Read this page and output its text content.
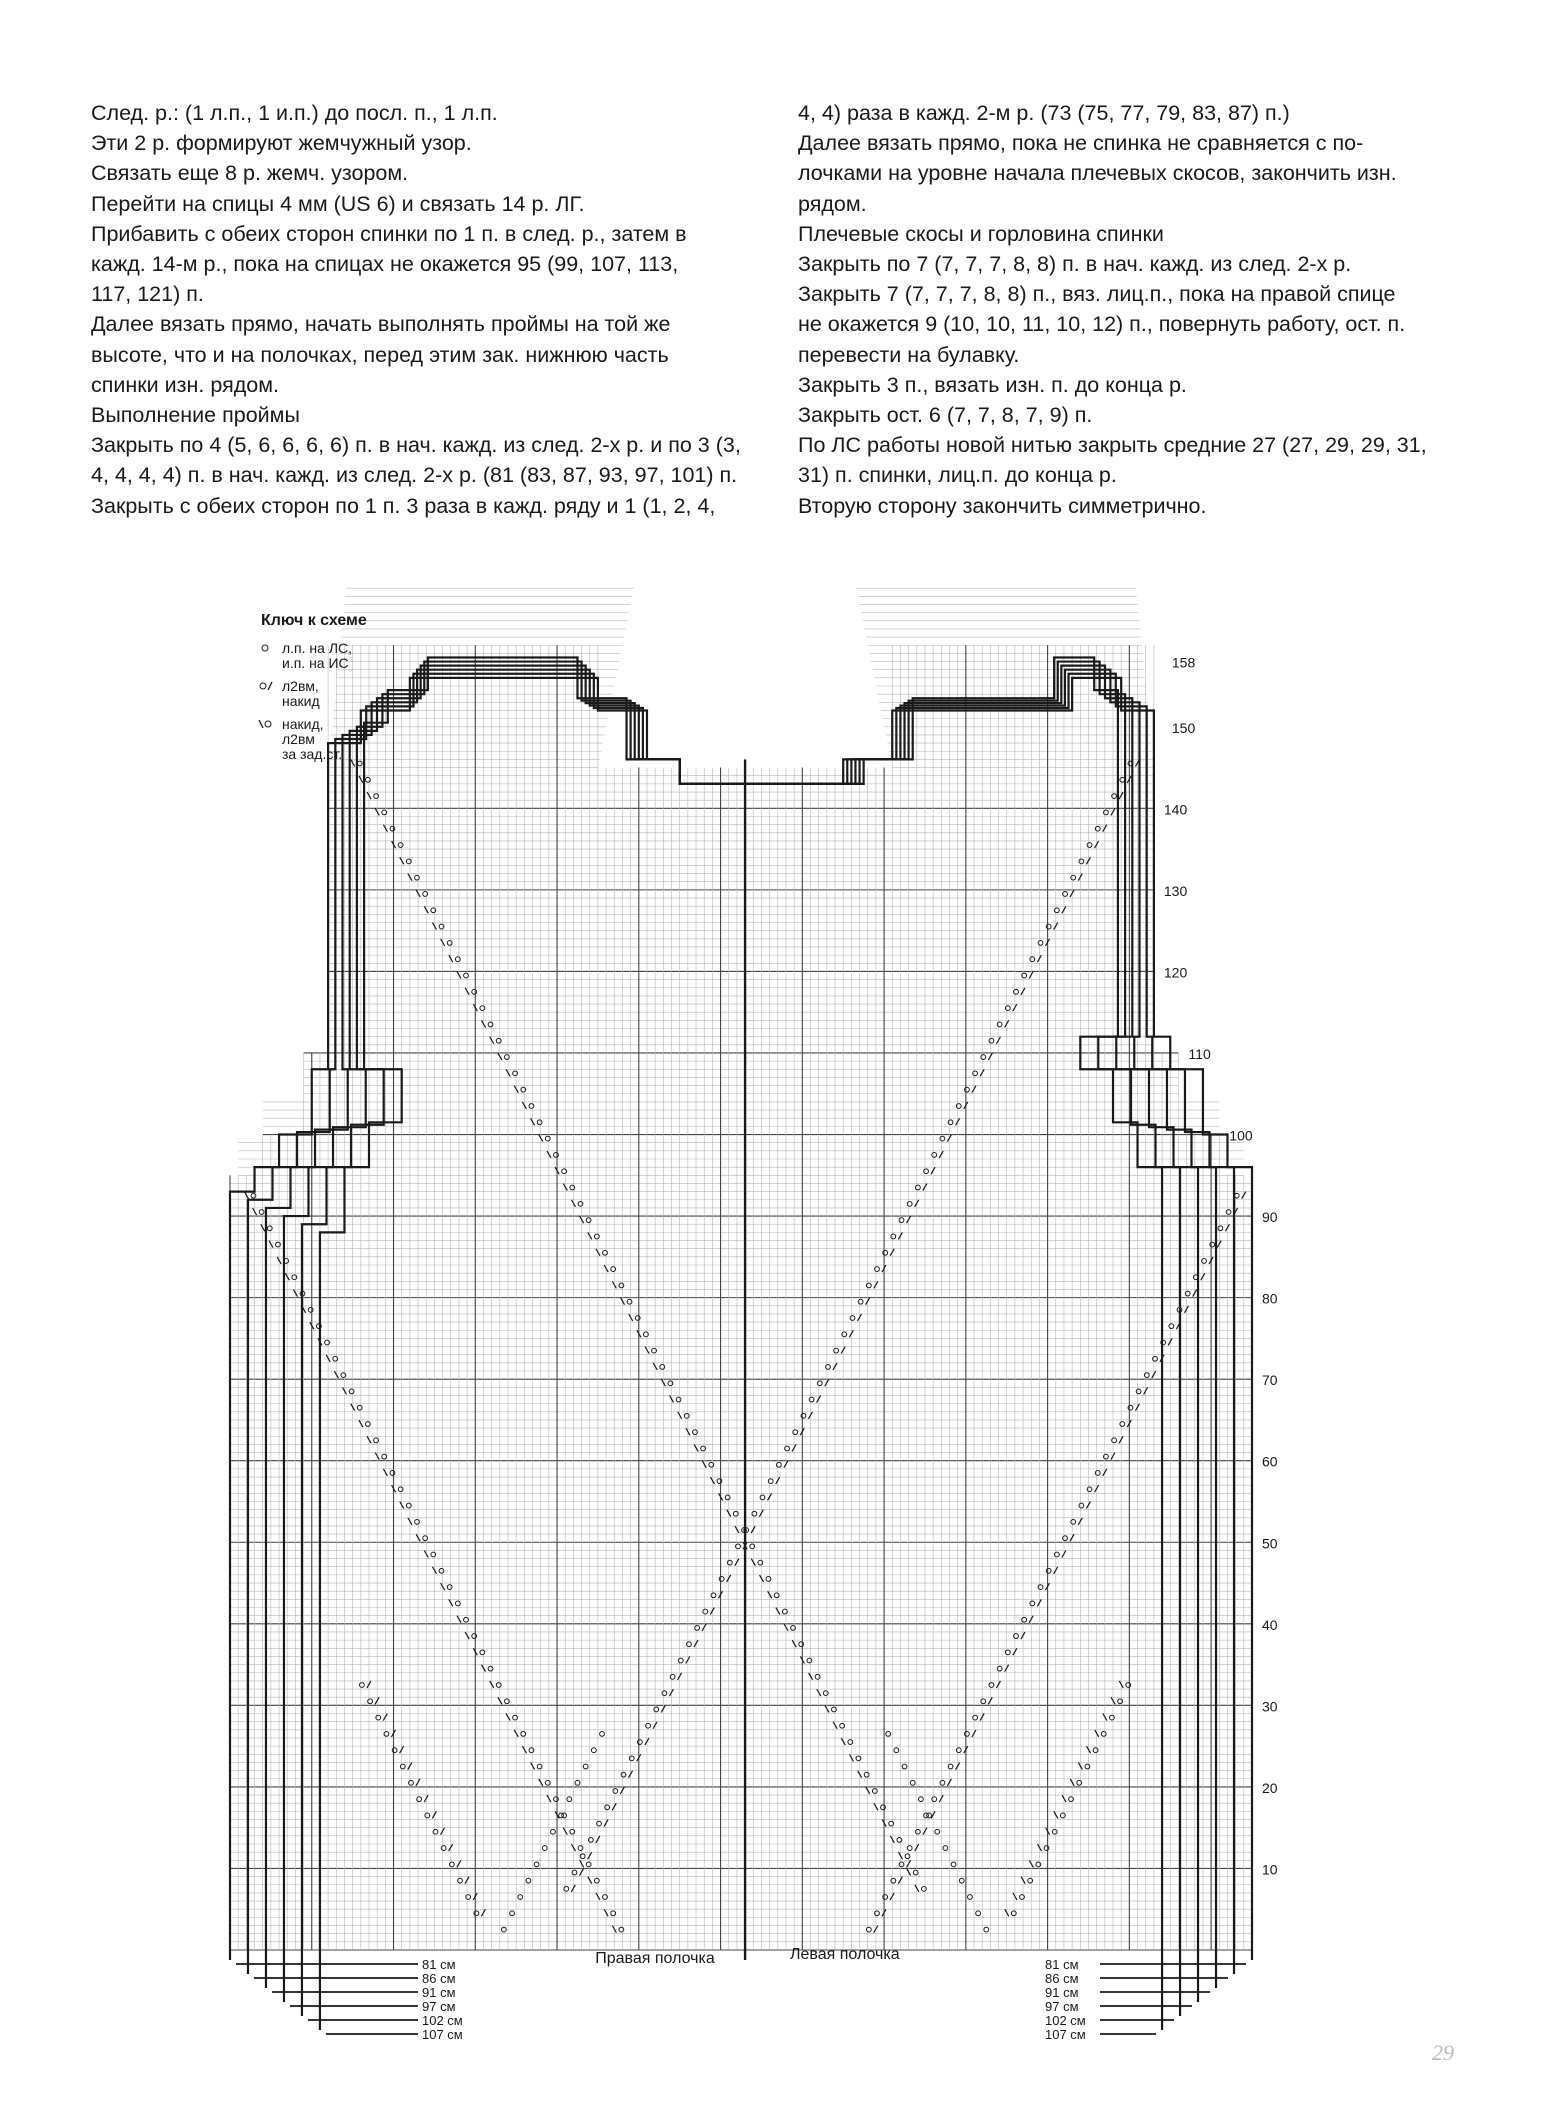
След. р.: (1 л.п., 1 и.п.) до посл. п., 1 л.п.

Эти 2 р. формируют жемчужный узор.

Связать еще 8 р. жемч. узором.

Перейти на спицы 4 мм (US 6) и связать 14 р. ЛГ.

Прибавить с обеих сторон спинки по 1 п. в след. р., затем в

кажд. 14-м р., пока на спицах не окажется 95 (99, 107, 113,

117, 121) п.

Далее вязать прямо, начать выполнять проймы на той же

высоте, что и на полочках, перед этим зак. нижнюю часть

спинки изн. рядом.

Выполнение проймы

Закрыть по 4 (5, 6, 6, 6, 6) п. в нач. кажд. из след. 2-х р. и по 3 (3,

4, 4, 4, 4) п. в нач. кажд. из след. 2-х р. (81 (83, 87, 93, 97, 101) п.

Закрыть с обеих сторон по 1 п. 3 раза в кажд. ряду и 1 (1, 2, 4,

4, 4) раза в кажд. 2-м р. (73 (75, 77, 79, 83, 87) п.)

Далее вязать прямо, пока не спинка не сравняется с по-

лочками на уровне начала плечевых скосов, закончить изн.

рядом.

Плечевые скосы и горловина спинки

Закрыть по 7 (7, 7, 7, 8, 8) п. в нач. кажд. из след. 2-х р.

Закрыть 7 (7, 7, 7, 8, 8) п., вяз. лиц.п., пока на правой спице

не окажется 9 (10, 10, 11, 10, 12) п., повернуть работу, ост. п.

перевести на булавку.

Закрыть 3 п., вязать изн. п. до конца р.

Закрыть ост. 6 (7, 7, 8, 7, 9) п.

По ЛС работы новой нитью закрыть средние 27 (27, 29, 29, 31,

31) п. спинки, лиц.п. до конца р.

Вторую сторону закончить симметрично.

10
20
30
40
50
60
70
80
90
100
110
120
130
140
150
158
81 см	81 см
86 см	86 см
91 см	91 см
97 см	97 см
102 см	102 см
107 см	107 см
Ключ к схеме
л.п. на ЛС,
и.п. на ИС
л2вм,
накид
накид,
л2вм
за зад.ст.
Правая полочка	Левая полочка
29
